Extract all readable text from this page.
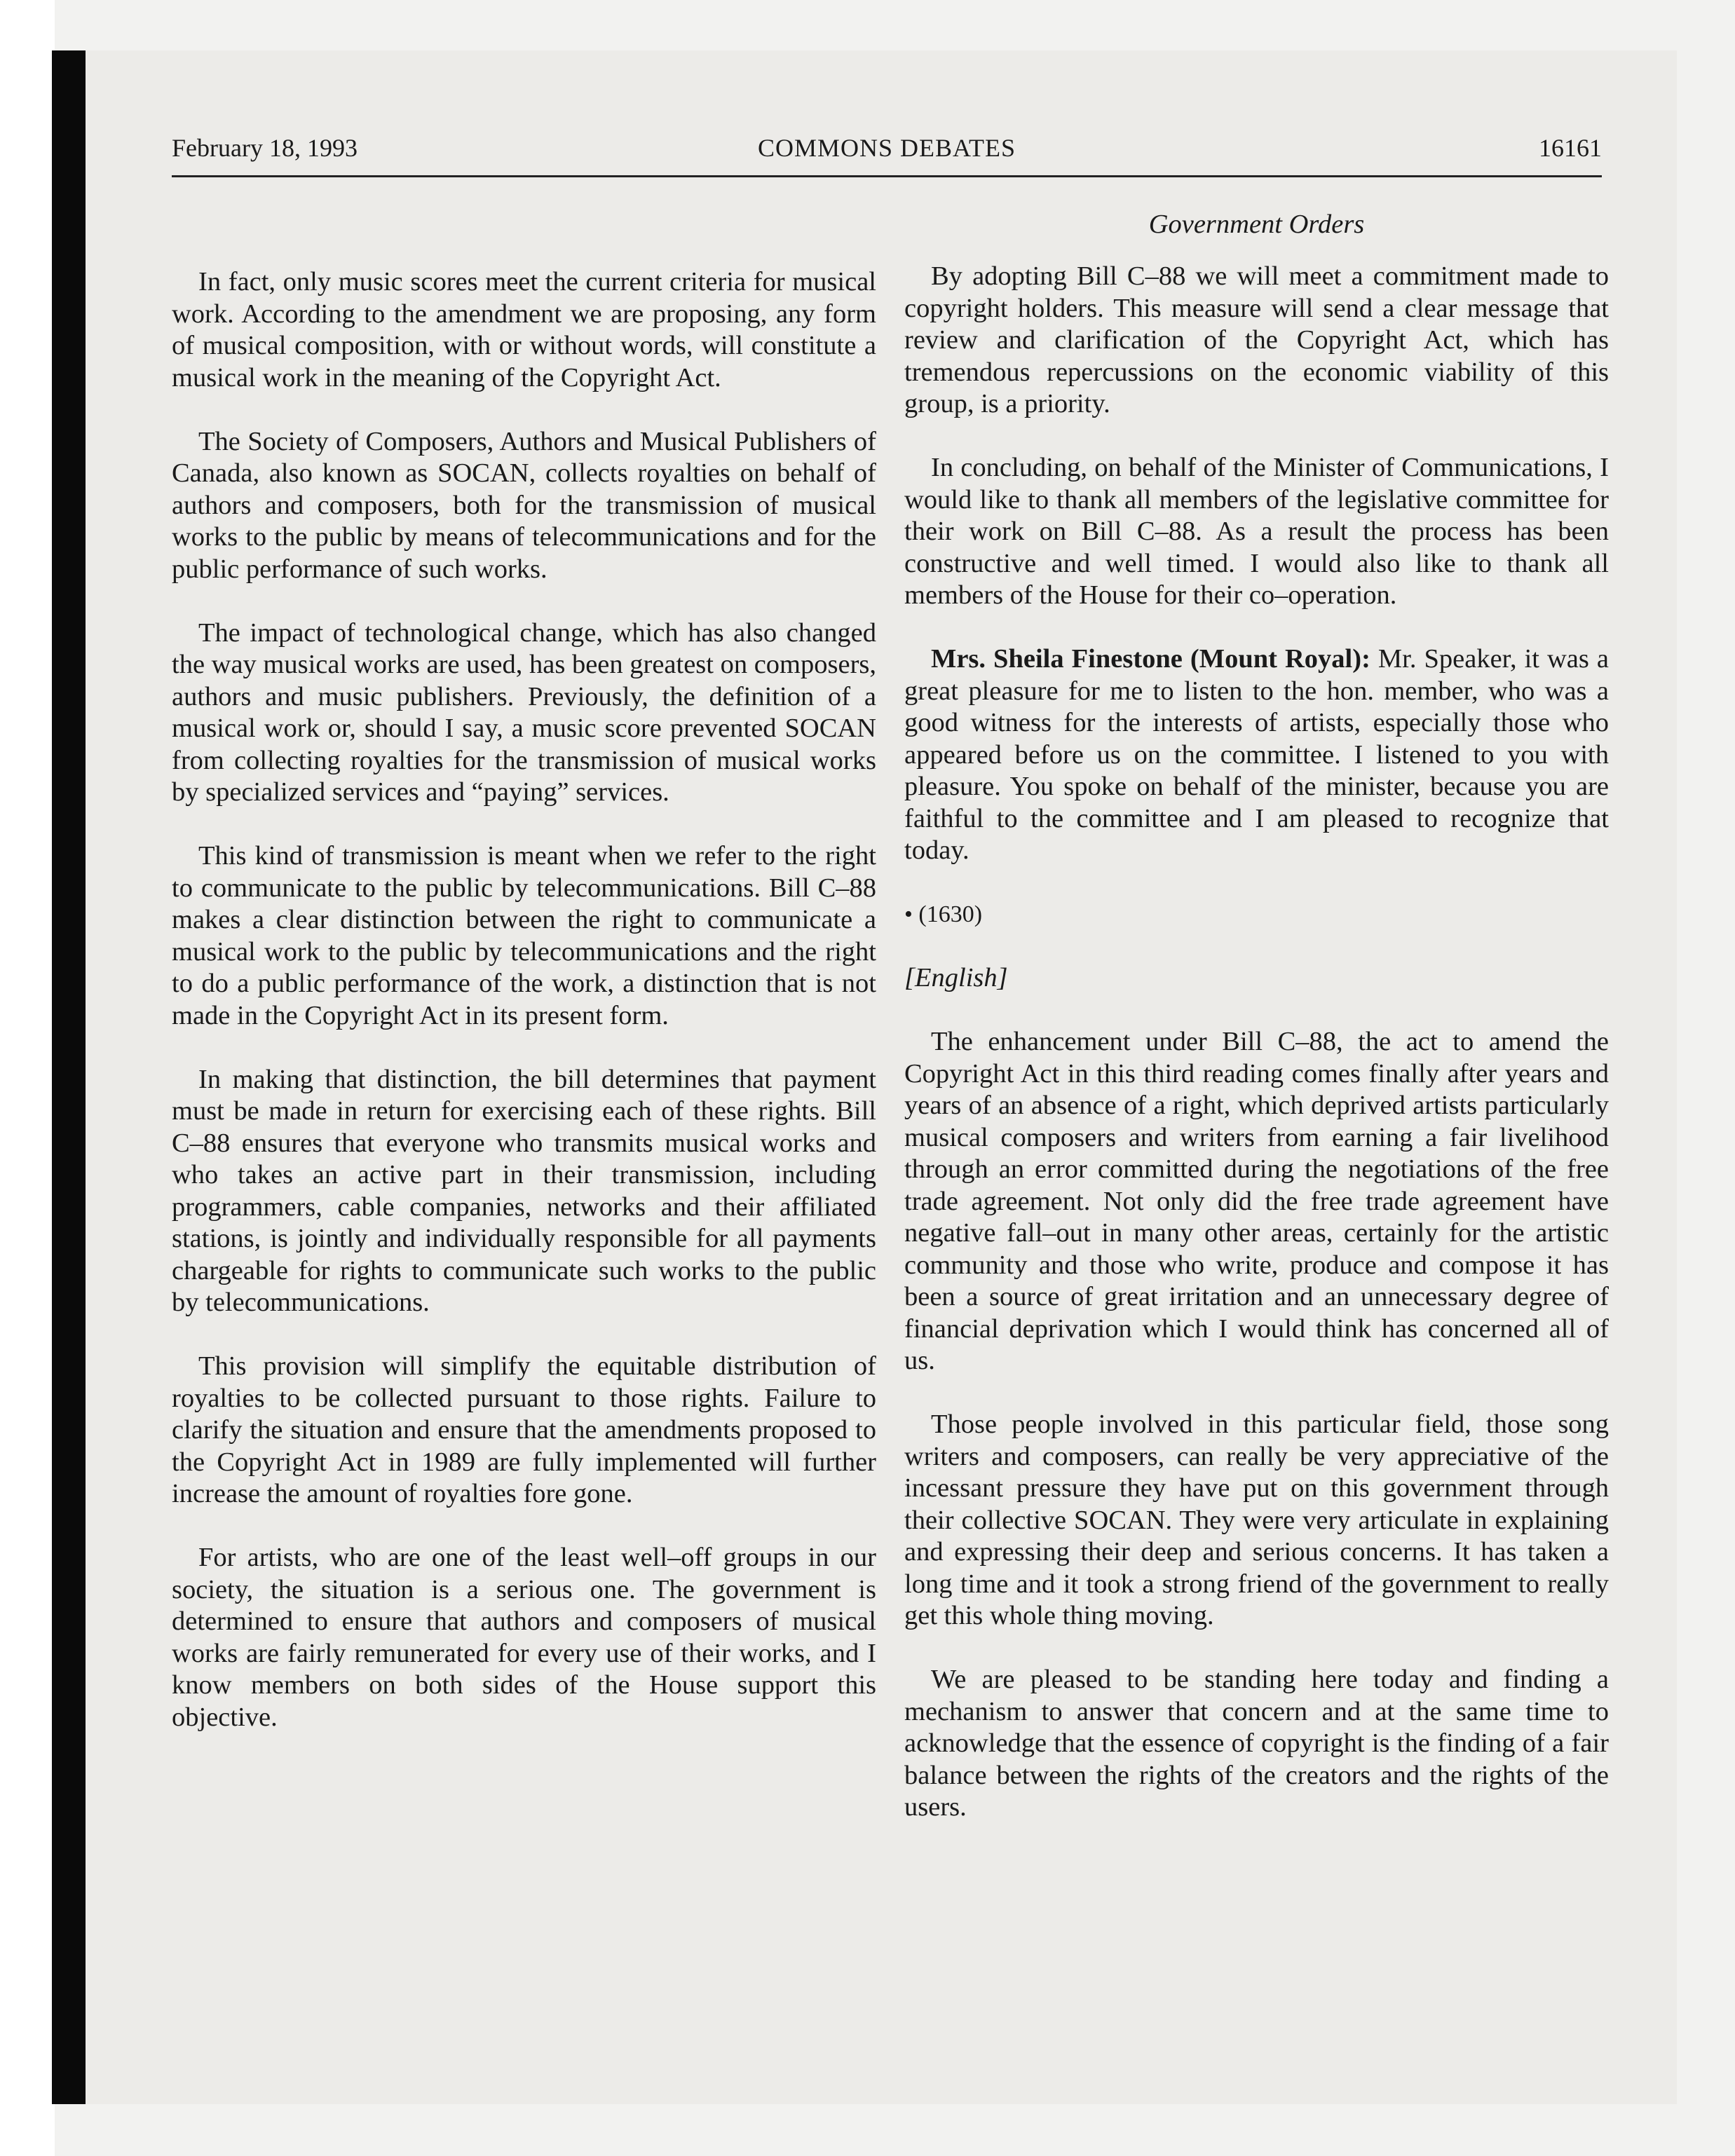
February 18, 1993	COMMONS DEBATES	16161
Government Orders

In fact, only music scores meet the current criteria for musical work. According to the amendment we are proposing, any form of musical composition, with or without words, will constitute a musical work in the meaning of the Copyright Act.

The Society of Composers, Authors and Musical Publishers of Canada, also known as SOCAN, collects royalties on behalf of authors and composers, both for the transmission of musical works to the public by means of telecommunications and for the public performance of such works.

The impact of technological change, which has also changed the way musical works are used, has been greatest on composers, authors and music publishers. Previously, the definition of a musical work or, should I say, a music score prevented SOCAN from collecting royalties for the transmission of musical works by specialized services and “paying” services.

This kind of transmission is meant when we refer to the right to communicate to the public by telecommunications. Bill C–88 makes a clear distinction between the right to communicate a musical work to the public by telecommunications and the right to do a public performance of the work, a distinction that is not made in the Copyright Act in its present form.

In making that distinction, the bill determines that payment must be made in return for exercising each of these rights. Bill C–88 ensures that everyone who transmits musical works and who takes an active part in their transmission, including programmers, cable companies, networks and their affiliated stations, is jointly and individually responsible for all payments chargeable for rights to communicate such works to the public by telecommunications.

This provision will simplify the equitable distribution of royalties to be collected pursuant to those rights. Failure to clarify the situation and ensure that the amendments proposed to the Copyright Act in 1989 are fully implemented will further increase the amount of royalties fore gone.

For artists, who are one of the least well–off groups in our society, the situation is a serious one. The government is determined to ensure that authors and composers of musical works are fairly remunerated for every use of their works, and I know members on both sides of the House support this objective.

By adopting Bill C–88 we will meet a commitment made to copyright holders. This measure will send a clear message that review and clarification of the Copyright Act, which has tremendous repercussions on the economic viability of this group, is a priority.

In concluding, on behalf of the Minister of Communications, I would like to thank all members of the legislative committee for their work on Bill C–88. As a result the process has been constructive and well timed. I would also like to thank all members of the House for their co–operation.

Mrs. Sheila Finestone (Mount Royal): Mr. Speaker, it was a great pleasure for me to listen to the hon. member, who was a good witness for the interests of artists, especially those who appeared before us on the committee. I listened to you with pleasure. You spoke on behalf of the minister, because you are faithful to the committee and I am pleased to recognize that today.

• (1630)
[English]

The enhancement under Bill C–88, the act to amend the Copyright Act in this third reading comes finally after years and years of an absence of a right, which deprived artists particularly musical composers and writers from earning a fair livelihood through an error committed during the negotiations of the free trade agreement. Not only did the free trade agreement have negative fall–out in many other areas, certainly for the artistic community and those who write, produce and compose it has been a source of great irritation and an unnecessary degree of financial deprivation which I would think has concerned all of us.

Those people involved in this particular field, those song writers and composers, can really be very appreciative of the incessant pressure they have put on this government through their collective SOCAN. They were very articulate in explaining and expressing their deep and serious concerns. It has taken a long time and it took a strong friend of the government to really get this whole thing moving.

We are pleased to be standing here today and finding a mechanism to answer that concern and at the same time to acknowledge that the essence of copyright is the finding of a fair balance between the rights of the creators and the rights of the users.
